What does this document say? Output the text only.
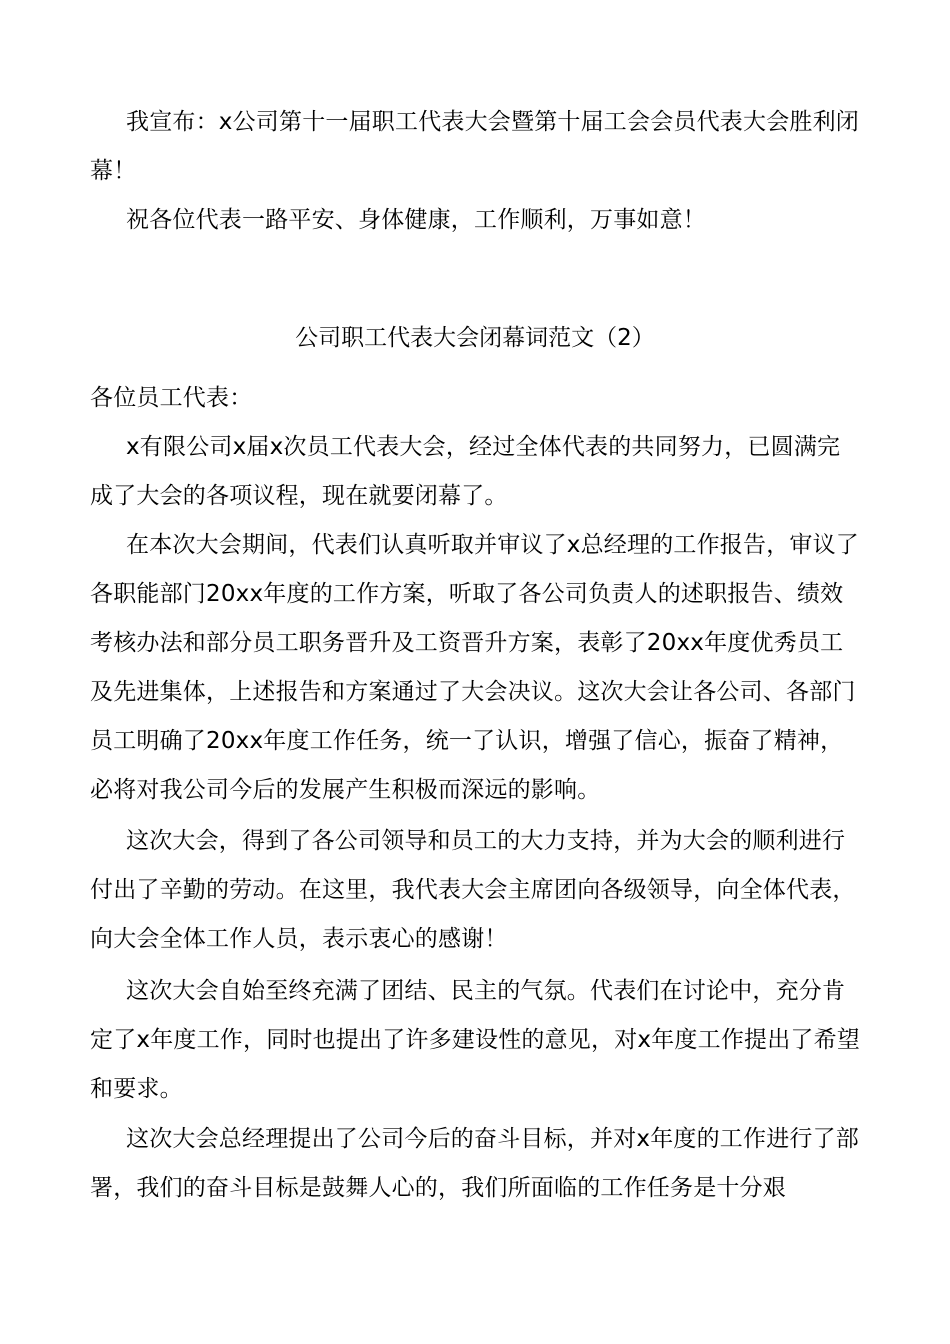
我宣布：x公司第十一届职工代表大会暨第十届工会会员代表大会胜利闭幕！

祝各位代表一路平安、身体健康，工作顺利，万事如意！

公司职工代表大会闭幕词范文（2）

各位员工代表：

x有限公司x届x次员工代表大会，经过全体代表的共同努力，已圆满完成了大会的各项议程，现在就要闭幕了。

在本次大会期间，代表们认真听取并审议了x总经理的工作报告，审议了各职能部门20xx年度的工作方案，听取了各公司负责人的述职报告、绩效考核办法和部分员工职务晋升及工资晋升方案，表彰了20xx年度优秀员工及先进集体，上述报告和方案通过了大会决议。这次大会让各公司、各部门员工明确了20xx年度工作任务，统一了认识，增强了信心，振奋了精神，必将对我公司今后的发展产生积极而深远的影响。

这次大会，得到了各公司领导和员工的大力支持，并为大会的顺利进行付出了辛勤的劳动。在这里，我代表大会主席团向各级领导，向全体代表，向大会全体工作人员，表示衷心的感谢！

这次大会自始至终充满了团结、民主的气氛。代表们在讨论中，充分肯定了x年度工作，同时也提出了许多建设性的意见，对x年度工作提出了希望和要求。

这次大会总经理提出了公司今后的奋斗目标，并对x年度的工作进行了部署，我们的奋斗目标是鼓舞人心的，我们所面临的工作任务是十分艰
